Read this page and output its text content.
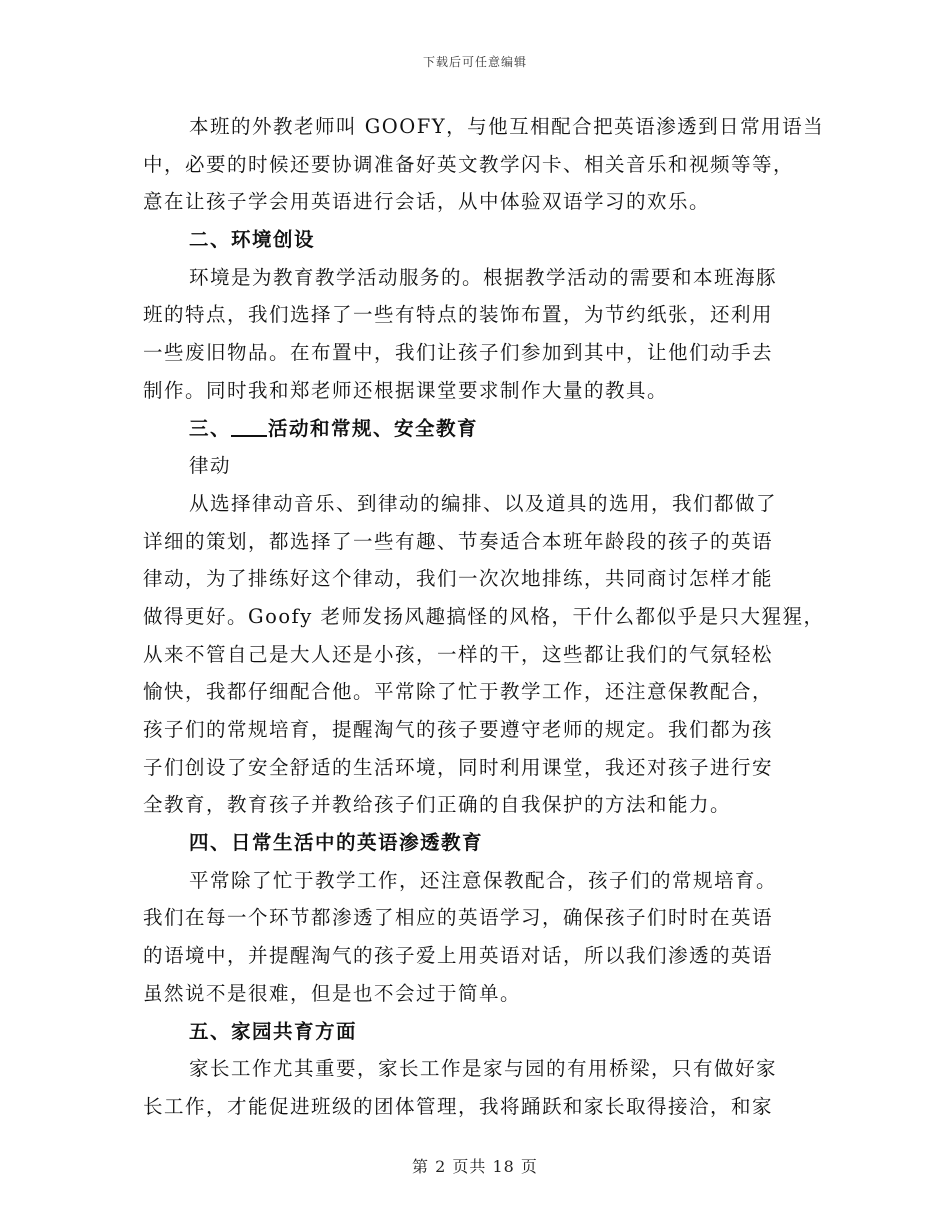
下载后可任意编辑
本班的外教老师叫 GOOFY，与他互相配合把英语渗透到日常用语当
中，必要的时候还要协调准备好英文教学闪卡、相关音乐和视频等等，
意在让孩子学会用英语进行会话，从中体验双语学习的欢乐。
二、环境创设
环境是为教育教学活动服务的。根据教学活动的需要和本班海豚
班的特点，我们选择了一些有特点的装饰布置，为节约纸张，还利用
一些废旧物品。在布置中，我们让孩子们参加到其中，让他们动手去
制作。同时我和郑老师还根据课堂要求制作大量的教具。
三、 活动和常规、安全教育
律动
从选择律动音乐、到律动的编排、以及道具的选用，我们都做了
详细的策划，都选择了一些有趣、节奏适合本班年龄段的孩子的英语
律动，为了排练好这个律动，我们一次次地排练，共同商讨怎样才能
做得更好。Goofy 老师发扬风趣搞怪的风格，干什么都似乎是只大猩猩，
从来不管自己是大人还是小孩，一样的干，这些都让我们的气氛轻松
愉快，我都仔细配合他。平常除了忙于教学工作，还注意保教配合，
孩子们的常规培育，提醒淘气的孩子要遵守老师的规定。我们都为孩
子们创设了安全舒适的生活环境，同时利用课堂，我还对孩子进行安
全教育，教育孩子并教给孩子们正确的自我保护的方法和能力。
四、日常生活中的英语渗透教育
平常除了忙于教学工作，还注意保教配合，孩子们的常规培育。
我们在每一个环节都渗透了相应的英语学习，确保孩子们时时在英语
的语境中，并提醒淘气的孩子爱上用英语对话，所以我们渗透的英语
虽然说不是很难，但是也不会过于简单。
五、家园共育方面
家长工作尤其重要，家长工作是家与园的有用桥梁，只有做好家
长工作，才能促进班级的团体管理，我将踊跃和家长取得接洽，和家
第 2 页共 18 页
